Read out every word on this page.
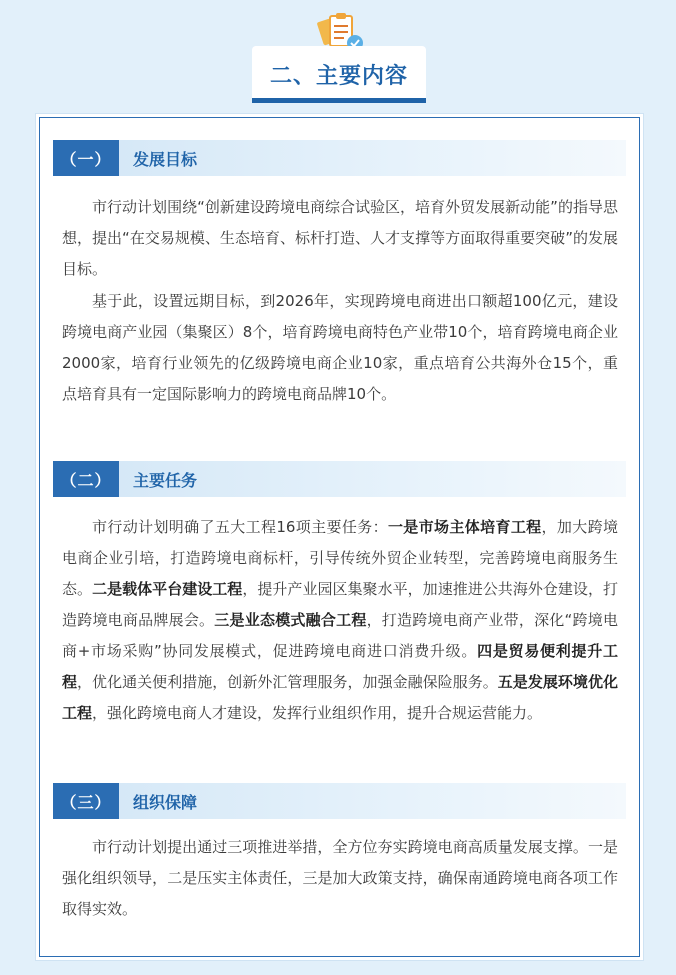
二、主要内容
（一）	发展目标

市行动计划围绕“创新建设跨境电商综合试验区，培育外贸发展新动能”的指导思想，提出“在交易规模、生态培育、标杆打造、人才支撑等方面取得重要突破”的发展目标。

基于此，设置远期目标，到2026年，实现跨境电商进出口额超100亿元，建设跨境电商产业园（集聚区）8个，培育跨境电商特色产业带10个，培育跨境电商企业2000家，培育行业领先的亿级跨境电商企业10家，重点培育公共海外仓15个，重点培育具有一定国际影响力的跨境电商品牌10个。

（二）	主要任务

市行动计划明确了五大工程16项主要任务：一是市场主体培育工程，加大跨境电商企业引培，打造跨境电商标杆，引导传统外贸企业转型，完善跨境电商服务生态。二是载体平台建设工程，提升产业园区集聚水平，加速推进公共海外仓建设，打造跨境电商品牌展会。三是业态模式融合工程，打造跨境电商产业带，深化“跨境电商+市场采购”协同发展模式，促进跨境电商进口消费升级。四是贸易便利提升工程，优化通关便利措施，创新外汇管理服务，加强金融保险服务。五是发展环境优化工程，强化跨境电商人才建设，发挥行业组织作用，提升合规运营能力。

（三）	组织保障

市行动计划提出通过三项推进举措，全方位夯实跨境电商高质量发展支撑。一是强化组织领导，二是压实主体责任，三是加大政策支持，确保南通跨境电商各项工作取得实效。
